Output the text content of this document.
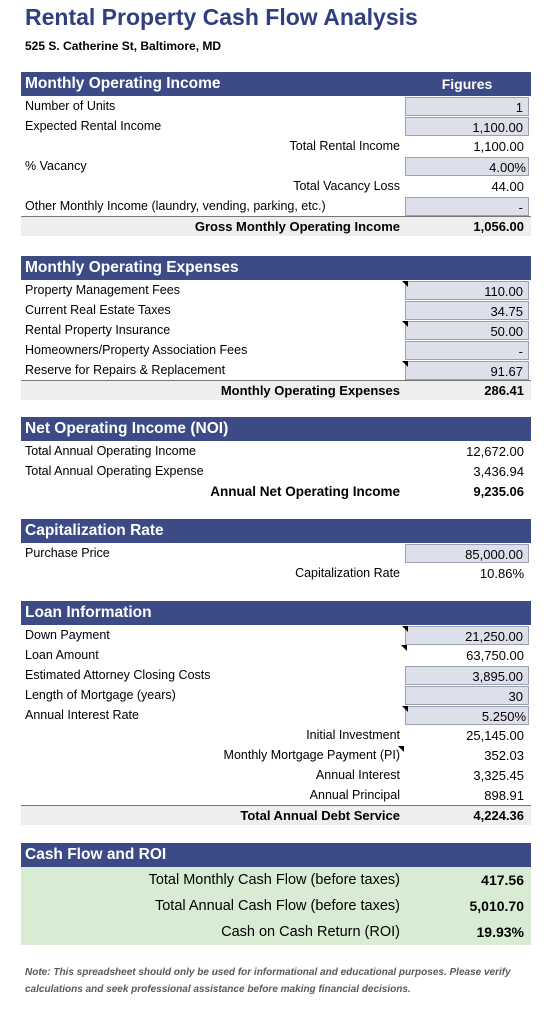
Rental Property Cash Flow Analysis
525 S. Catherine St, Baltimore, MD
Monthly Operating Income	Figures
Number of Units	1
Expected Rental Income	1,100.00
Total Rental Income	1,100.00
% Vacancy	4.00%
Total Vacancy Loss	44.00
Other Monthly Income (laundry, vending, parking, etc.)	-
Gross Monthly Operating Income	1,056.00
Monthly Operating Expenses
Property Management Fees	110.00
Current Real Estate Taxes	34.75
Rental Property Insurance	50.00
Homeowners/Property Association Fees	-
Reserve for Repairs & Replacement	91.67
Monthly Operating Expenses	286.41
Net Operating Income (NOI)
Total Annual Operating Income	12,672.00
Total Annual Operating Expense	3,436.94
Annual Net Operating Income	9,235.06
Capitalization Rate
Purchase Price	85,000.00
Capitalization Rate	10.86%
Loan Information
Down Payment	21,250.00
Loan Amount	63,750.00
Estimated Attorney Closing Costs	3,895.00
Length of Mortgage (years)	30
Annual Interest Rate	5.250%
Initial Investment	25,145.00
Monthly Mortgage Payment (PI)	352.03
Annual Interest	3,325.45
Annual Principal	898.91
Total Annual Debt Service	4,224.36
Cash Flow and ROI
Total Monthly Cash Flow (before taxes)	417.56
Total Annual Cash Flow (before taxes)	5,010.70
Cash on Cash Return (ROI)	19.93%
Note: This spreadsheet should only be used for informational and educational purposes. Please verify calculations and seek professional assistance before making financial decisions.
